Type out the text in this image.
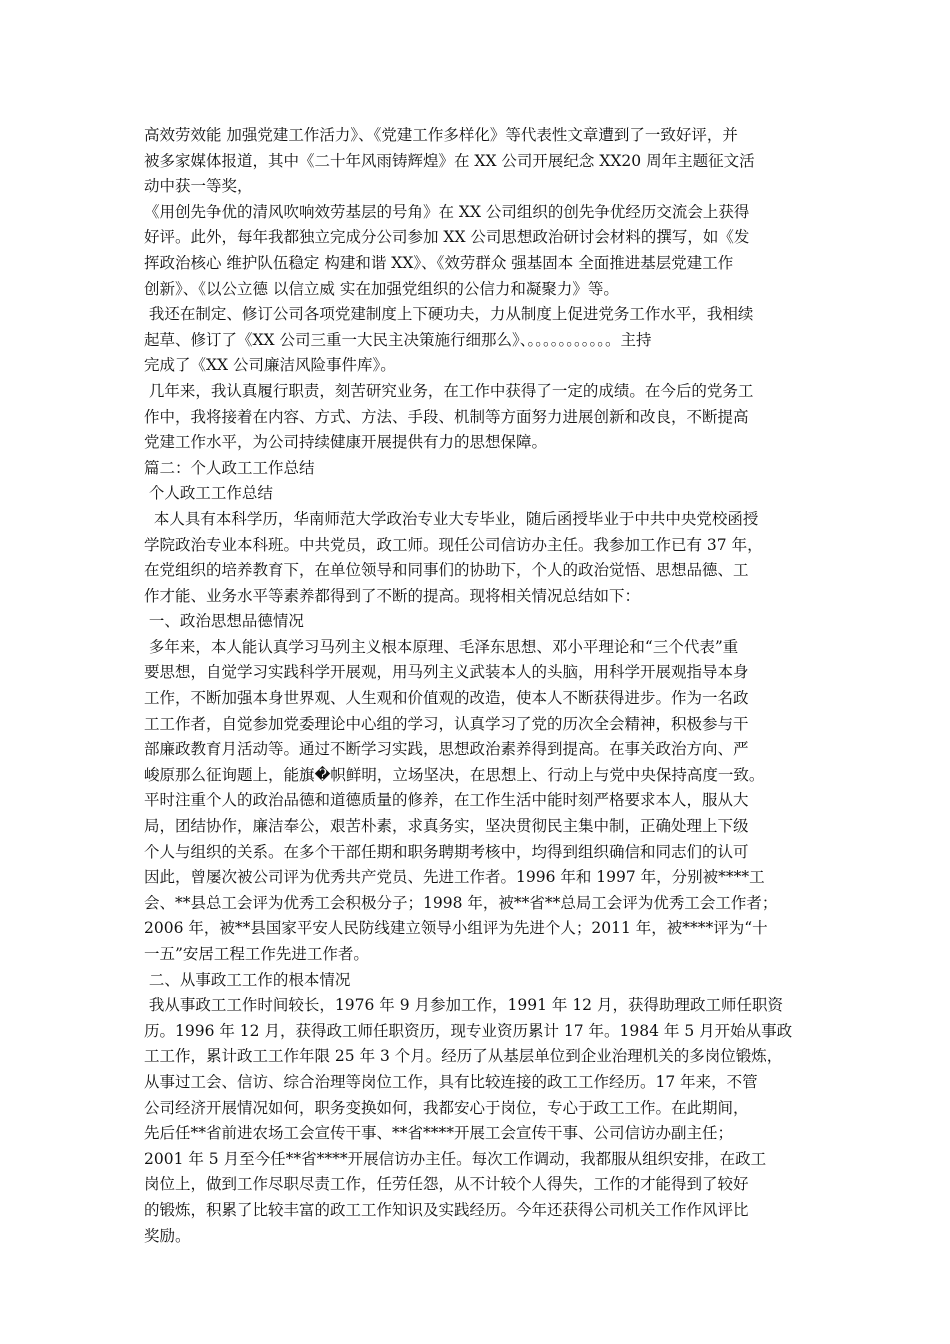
高效劳效能 加强党建工作活力》、《党建工作多样化》等代表性文章遭到了一致好评，并
被多家媒体报道，其中《二十年风雨铸辉煌》在 XX 公司开展纪念 XX20 周年主题征文活
动中获一等奖，
《用创先争优的清风吹响效劳基层的号角》在 XX 公司组织的创先争优经历交流会上获得
好评。此外，每年我都独立完成分公司参加 XX 公司思想政治研讨会材料的撰写，如《发
挥政治核心 维护队伍稳定 构建和谐 XX》、《效劳群众 强基固本 全面推进基层党建工作
创新》、《以公立德 以信立威 实在加强党组织的公信力和凝聚力》等。
我还在制定、修订公司各项党建制度上下硬功夫，力从制度上促进党务工作水平，我相续
起草、修订了《XX 公司三重一大民主决策施行细那么》、。。。。。。。。。。。主持
完成了《XX 公司廉洁风险事件库》。
几年来，我认真履行职责，刻苦研究业务，在工作中获得了一定的成绩。在今后的党务工
作中，我将接着在内容、方式、方法、手段、机制等方面努力进展创新和改良，不断提高
党建工作水平，为公司持续健康开展提供有力的思想保障。
篇二：个人政工工作总结
个人政工工作总结
本人具有本科学历，华南师范大学政治专业大专毕业，随后函授毕业于中共中央党校函授
学院政治专业本科班。中共党员，政工师。现任公司信访办主任。我参加工作已有 37 年，
在党组织的培养教育下，在单位领导和同事们的协助下，个人的政治觉悟、思想品德、工
作才能、业务水平等素养都得到了不断的提高。现将相关情况总结如下：
一、政治思想品德情况
多年来，本人能认真学习马列主义根本原理、毛泽东思想、邓小平理论和“三个代表”重
要思想，自觉学习实践科学开展观，用马列主义武装本人的头脑，用科学开展观指导本身
工作，不断加强本身世界观、人生观和价值观的改造，使本人不断获得进步。作为一名政
工工作者，自觉参加党委理论中心组的学习，认真学习了党的历次全会精神，积极参与干
部廉政教育月活动等。通过不断学习实践，思想政治素养得到提高。在事关政治方向、严
峻原那么征询题上，能旗�帜鲜明，立场坚决，在思想上、行动上与党中央保持高度一致。
平时注重个人的政治品德和道德质量的修养，在工作生活中能时刻严格要求本人，服从大
局，团结协作，廉洁奉公，艰苦朴素，求真务实，坚决贯彻民主集中制，正确处理上下级
个人与组织的关系。在多个干部任期和职务聘期考核中，均得到组织确信和同志们的认可
因此，曾屡次被公司评为优秀共产党员、先进工作者。1996 年和 1997 年，分别被****工
会、**县总工会评为优秀工会积极分子；1998 年，被**省**总局工会评为优秀工会工作者；
2006 年，被**县国家平安人民防线建立领导小组评为先进个人；2011 年，被****评为“十
一五”安居工程工作先进工作者。
二、从事政工工作的根本情况
我从事政工工作时间较长，1976 年 9 月参加工作，1991 年 12 月，获得助理政工师任职资
历。1996 年 12 月，获得政工师任职资历，现专业资历累计 17 年。1984 年 5 月开始从事政
工工作，累计政工工作年限 25 年 3 个月。经历了从基层单位到企业治理机关的多岗位锻炼，
从事过工会、信访、综合治理等岗位工作，具有比较连接的政工工作经历。17 年来，不管
公司经济开展情况如何，职务变换如何，我都安心于岗位，专心于政工工作。在此期间，
先后任**省前进农场工会宣传干事、**省****开展工会宣传干事、公司信访办副主任；
2001 年 5 月至今任**省****开展信访办主任。每次工作调动，我都服从组织安排，在政工
岗位上，做到工作尽职尽责工作，任劳任怨，从不计较个人得失，工作的才能得到了较好
的锻炼，积累了比较丰富的政工工作知识及实践经历。今年还获得公司机关工作作风评比
奖励。
